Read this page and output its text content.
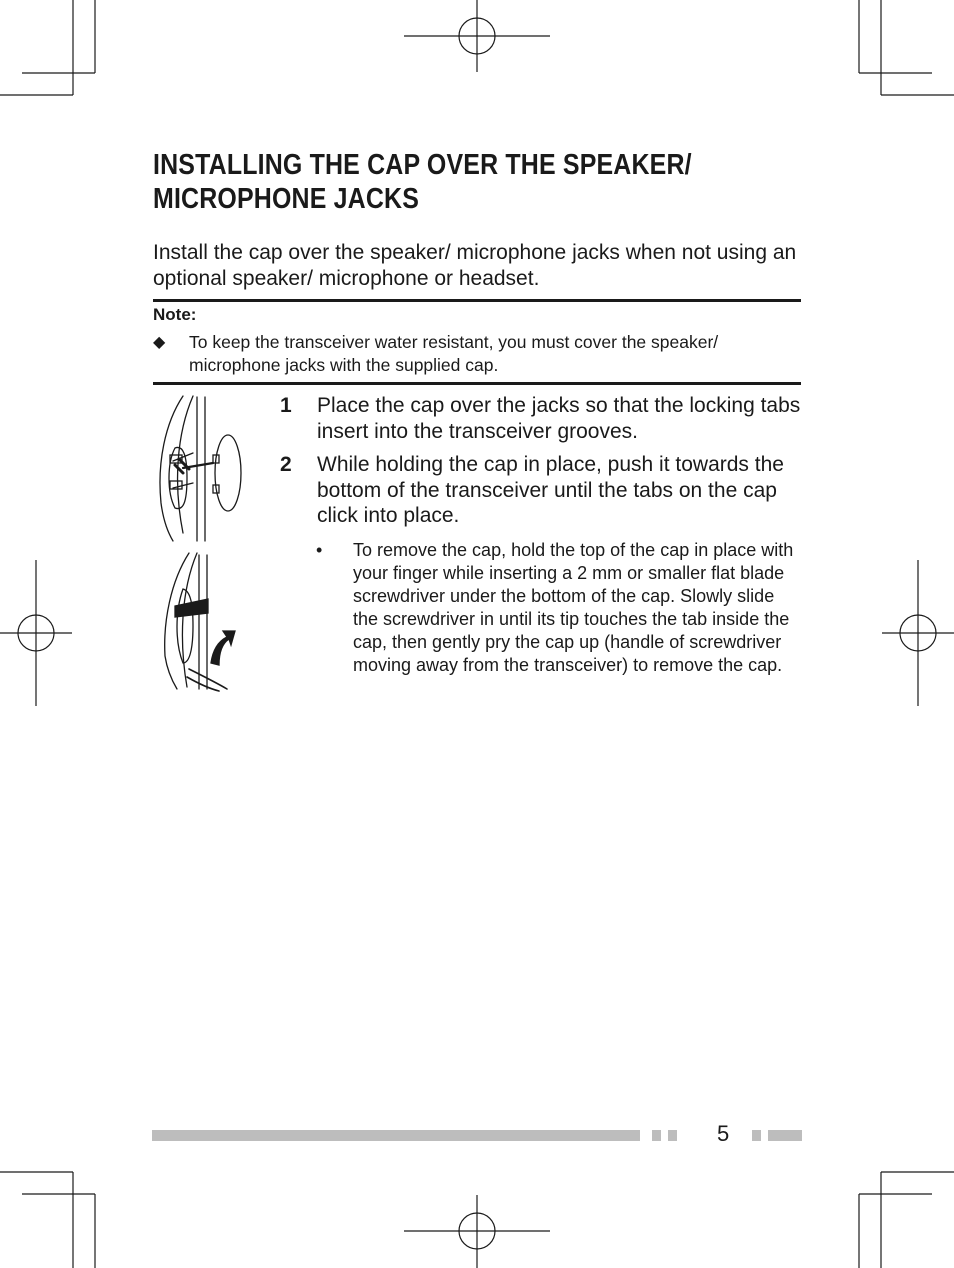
INSTALLING THE CAP OVER THE SPEAKER/ MICROPHONE JACKS

Install the cap over the speaker/ microphone jacks when not using an optional speaker/ microphone or headset.

Note:
◆	To keep the transceiver water resistant, you must cover the speaker/ microphone jacks with the supplied cap.
1	Place the cap over the jacks so that the locking tabs insert into the transceiver grooves.
2	While holding the cap in place, push it towards the bottom of the transceiver until the tabs on the cap click into place.
•	To remove the cap, hold the top of the cap in place with your finger while inserting a 2 mm or smaller flat blade screwdriver under the bottom of the cap. Slowly slide the screwdriver in until its tip touches the tab inside the cap, then gently pry the cap up (handle of screwdriver moving away from the transceiver) to remove the cap.
5
